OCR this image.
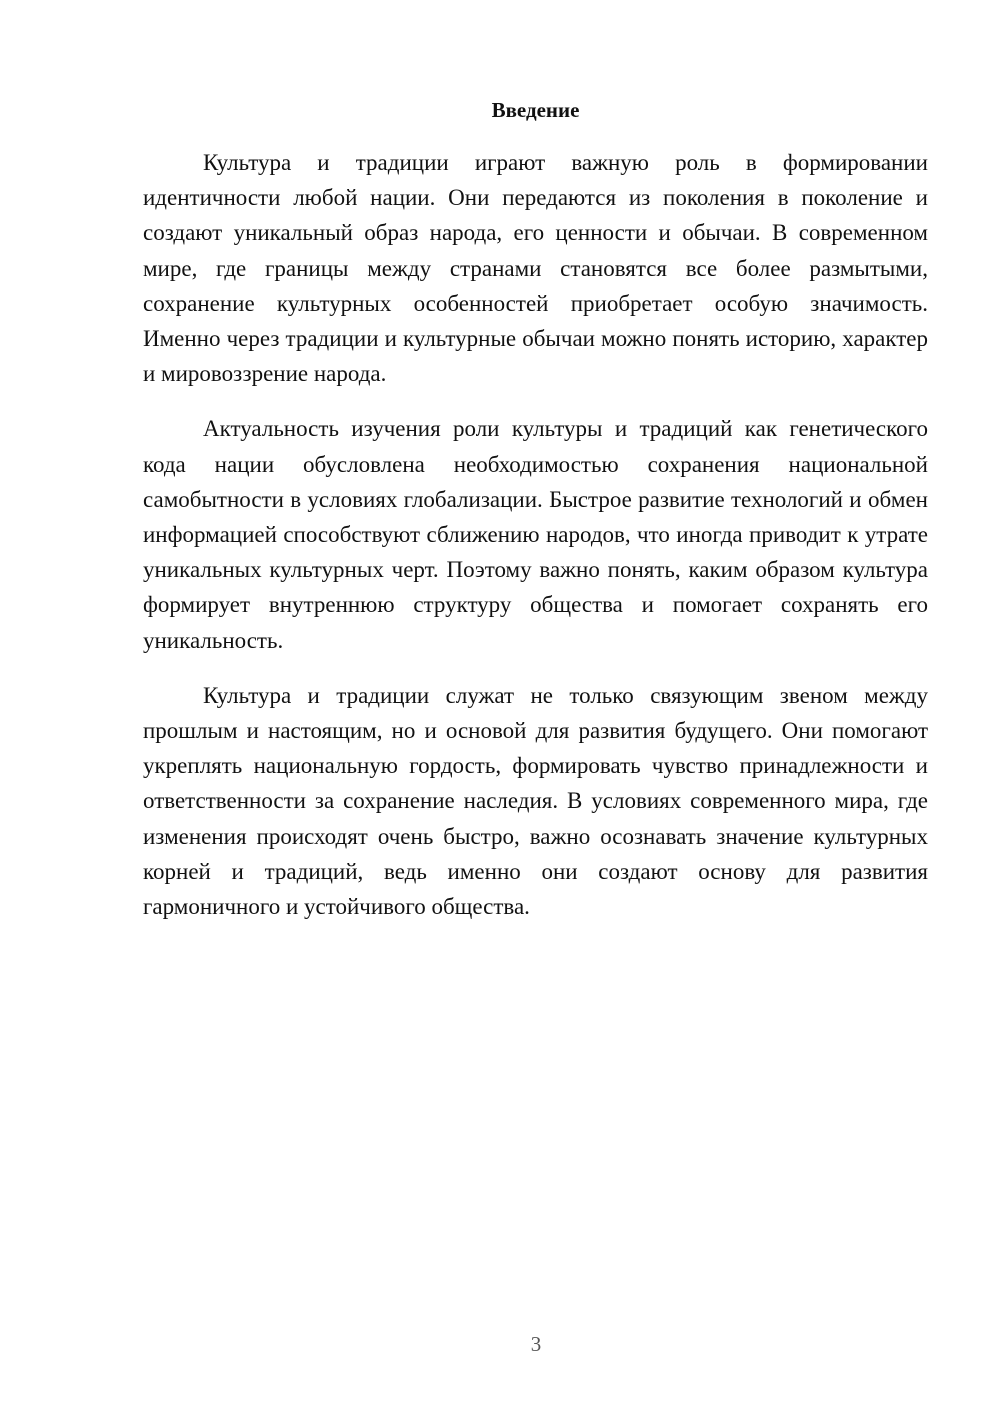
Введение

Культура и традиции играют важную роль в формировании идентичности любой нации. Они передаются из поколения в поколение и создают уникальный образ народа, его ценности и обычаи. В современном мире, где границы между странами становятся все более размытыми, сохранение культурных особенностей приобретает особую значимость. Именно через традиции и культурные обычаи можно понять историю, характер и мировоззрение народа.

Актуальность изучения роли культуры и традиций как генетического кода нации обусловлена необходимостью сохранения национальной самобытности в условиях глобализации. Быстрое развитие технологий и обмен информацией способствуют сближению народов, что иногда приводит к утрате уникальных культурных черт. Поэтому важно понять, каким образом культура формирует внутреннюю структуру общества и помогает сохранять его уникальность.

Культура и традиции служат не только связующим звеном между прошлым и настоящим, но и основой для развития будущего. Они помогают укреплять национальную гордость, формировать чувство принадлежности и ответственности за сохранение наследия. В условиях современного мира, где изменения происходят очень быстро, важно осознавать значение культурных корней и традиций, ведь именно они создают основу для развития гармоничного и устойчивого общества.

3
